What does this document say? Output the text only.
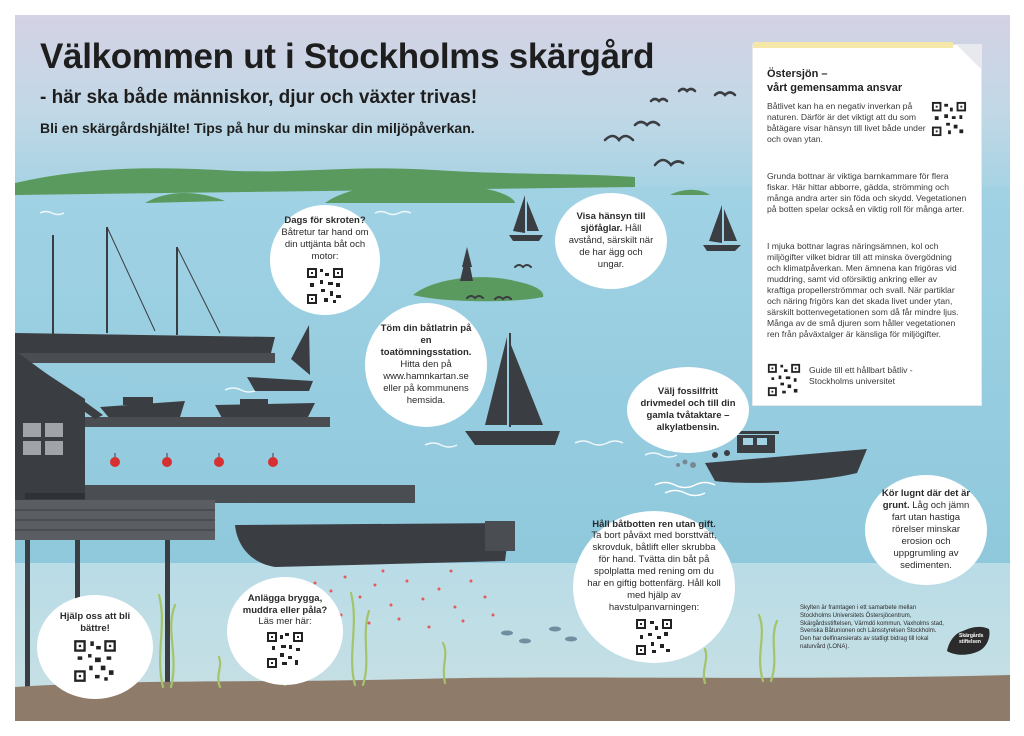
Välkommen ut i Stockholms skärgård
- här ska både människor, djur och växter trivas!
Bli en skärgårdshjälte! Tips på hur du minskar din miljöpåverkan.
Dags för skroten?
Båtretur tar hand om din uttjänta båt och motor:
Visa hänsyn till sjöfåglar. Håll avstånd, särskilt när de har ägg och ungar.
Töm din båtlatrin på en toatömningsstation.
Hitta den på www.hamnkartan.se eller på kommunens hemsida.
Välj fossilfritt drivmedel och till din gamla tvåtaktare – alkylatbensin.
Kör lugnt där det är grunt. Låg och jämn fart utan hastiga rörelser minskar erosion och uppgrumling av sedimenten.
Håll båtbotten ren utan gift.
Ta bort påväxt med borsttvätt, skrovduk, båtlift eller skrubba för hand. Tvätta din båt på spolplatta med rening om du har en giftig bottenfärg. Håll koll med hjälp av havstulpanvarningen:
Anlägga brygga, muddra eller påla?
Läs mer här:
Hjälp oss att bli bättre!
Östersjön –
vårt gemensamma ansvar

Båtlivet kan ha en negativ inverkan på naturen. Därför är det viktigt att du som båtägare visar hänsyn till livet både under och ovan ytan.

Grunda bottnar är viktiga barnkammare för flera fiskar. Här hittar abborre, gädda, strömming och många andra arter sin föda och skydd. Vegetationen på botten spelar också en viktig roll för många arter.

I mjuka bottnar lagras näringsämnen, kol och miljögifter vilket bidrar till att minska övergödning och klimatpåverkan. Men ämnena kan frigöras vid muddring, samt vid oförsiktig ankring eller av kraftiga propellerströmmar och svall. När partiklar och näring frigörs kan det skada livet under ytan, särskilt bottenvegetationen som då får mindre ljus. Många av de små djuren som håller vegetationen ren från påväxtalger är känsliga för miljögifter.

Guide till ett hållbart båtliv - Stockholms universitet

Skylten är framtagen i ett samarbete mellan Stockholms Universitets Östersjöcentrum, Skärgårdsstiftelsen, Värmdö kommun, Vaxholms stad, Svenska Båtunionen och Länsstyrelsen Stockholm. Den har delfinansierats av statligt bidrag till lokal naturvård (LONA).
Skärgårds stiftelsen
